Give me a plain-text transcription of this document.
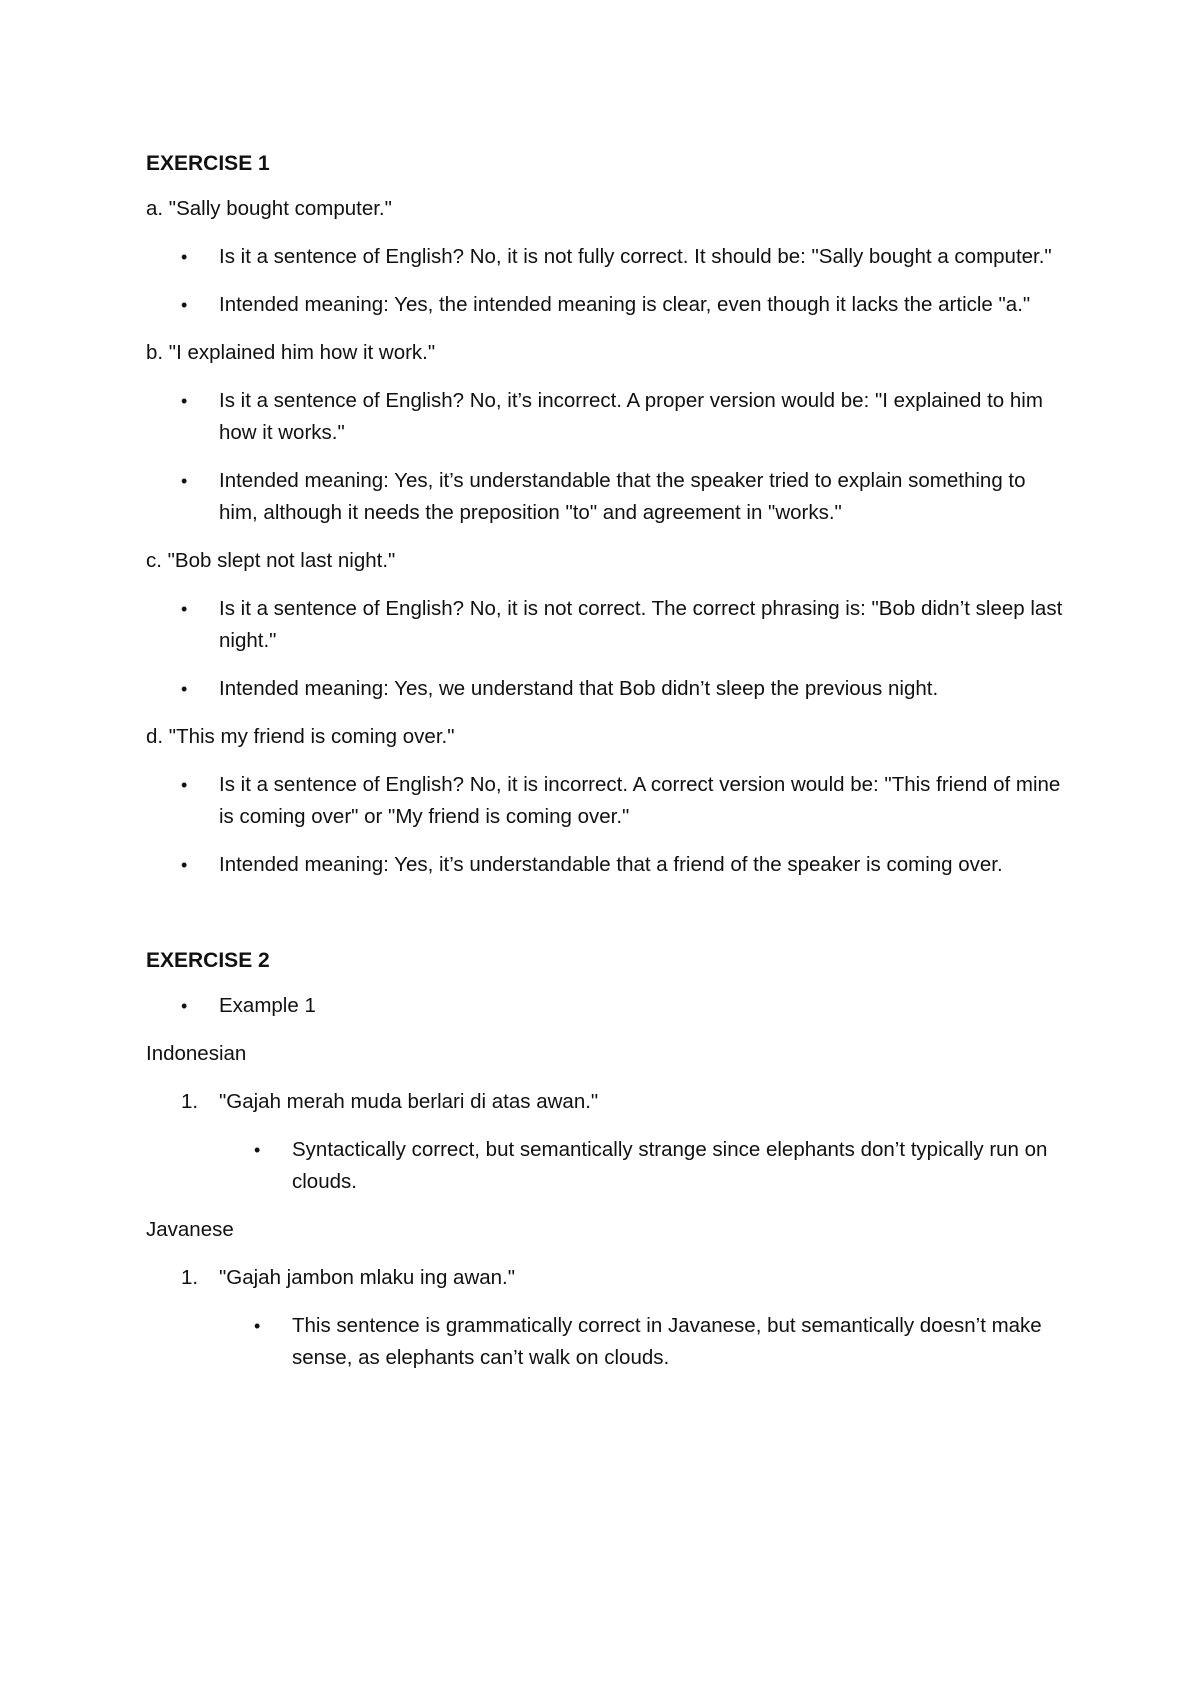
EXERCISE 1
a. "Sally bought computer."
• Is it a sentence of English? No, it is not fully correct. It should be: "Sally bought a computer."
• Intended meaning: Yes, the intended meaning is clear, even though it lacks the article "a."
b. "I explained him how it work."
• Is it a sentence of English? No, it’s incorrect. A proper version would be: "I explained to him how it works."
• Intended meaning: Yes, it’s understandable that the speaker tried to explain something to him, although it needs the preposition "to" and agreement in "works."
c. "Bob slept not last night."
• Is it a sentence of English? No, it is not correct. The correct phrasing is: "Bob didn’t sleep last night."
• Intended meaning: Yes, we understand that Bob didn’t sleep the previous night.
d. "This my friend is coming over."
• Is it a sentence of English? No, it is incorrect. A correct version would be: "This friend of mine is coming over" or "My friend is coming over."
• Intended meaning: Yes, it’s understandable that a friend of the speaker is coming over.
EXERCISE 2
• Example 1
Indonesian
1. "Gajah merah muda berlari di atas awan."
• Syntactically correct, but semantically strange since elephants don’t typically run on clouds.
Javanese
1. "Gajah jambon mlaku ing awan."
• This sentence is grammatically correct in Javanese, but semantically doesn’t make sense, as elephants can’t walk on clouds.
